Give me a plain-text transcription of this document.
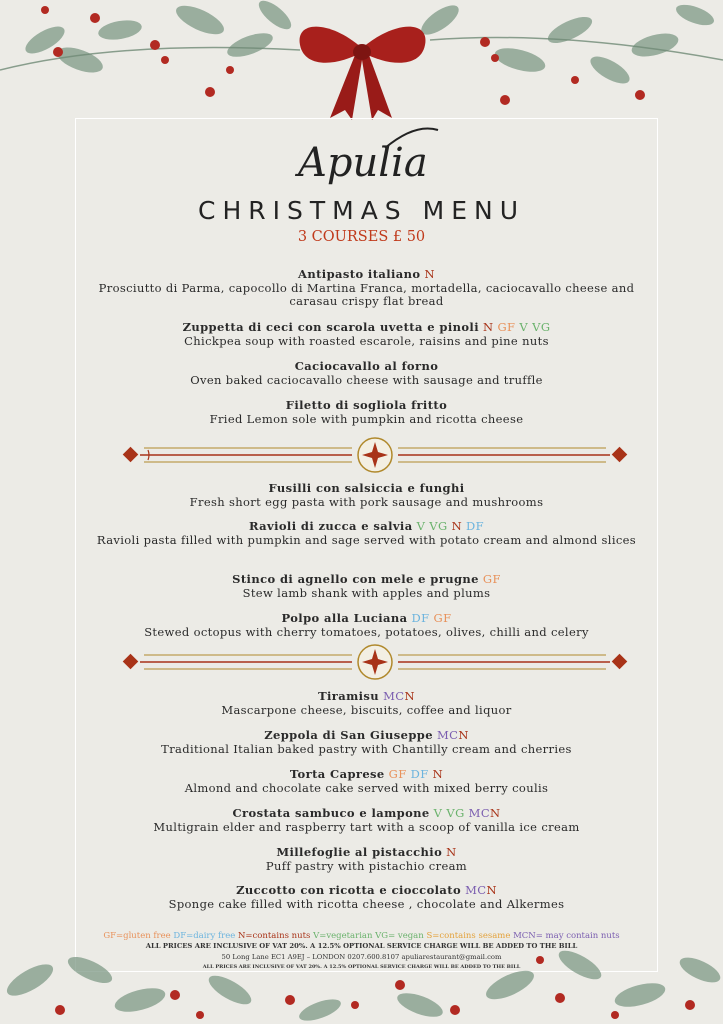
Apulia
CHRISTMAS MENU
3 COURSES £ 50
Antipasto italiano N
Prosciutto di Parma, capocollo di Martina Franca, mortadella, caciocavallo cheese and carasau crispy flat bread
Zuppetta di ceci con scarola uvetta e pinoli N GF V VG
Chickpea soup with roasted escarole, raisins and pine nuts
Caciocavallo al forno
Oven baked caciocavallo cheese with sausage and truffle
Filetto di sogliola fritto
Fried Lemon sole with pumpkin and ricotta cheese
Fusilli con salsiccia e funghi
Fresh short egg pasta with pork sausage and mushrooms
Ravioli di zucca e salvia V VG N DF
Ravioli pasta filled with pumpkin and sage served with potato cream and almond slices
Stinco di agnello con mele e prugne GF
Stew lamb shank with apples and plums
Polpo alla Luciana DF GF
Stewed octopus with cherry tomatoes, potatoes, olives, chilli and celery
Tiramisu MCN
Mascarpone cheese, biscuits, coffee and liquor
Zeppola di San Giuseppe MCN
Traditional Italian baked pastry with Chantilly cream and cherries
Torta Caprese GF DF N
Almond and chocolate cake served with mixed berry coulis
Crostata sambuco e lampone V VG MCN
Multigrain elder and raspberry tart with a scoop of vanilla ice cream
Millefoglie al pistacchio N
Puff pastry with pistachio cream
Zuccotto con ricotta e cioccolato MCN
Sponge cake filled with ricotta cheese , chocolate and Alkermes
GF=gluten free DF=dairy free N=contains nuts V=vegetarian VG= vegan S=contains sesame MCN= may contain nuts
ALL PRICES ARE INCLUSIVE OF VAT 20%. A 12.5% OPTIONAL SERVICE CHARGE WILL BE ADDED TO THE BILL
50 Long Lane EC1 A9EJ – LONDON 0207.600.8107 apuliarestaurant@gmail.com
ALL PRICES ARE INCLUSIVE OF VAT 20%. A 12.5% OPTIONAL SERVICE CHARGE WILL BE ADDED TO THE BILL
